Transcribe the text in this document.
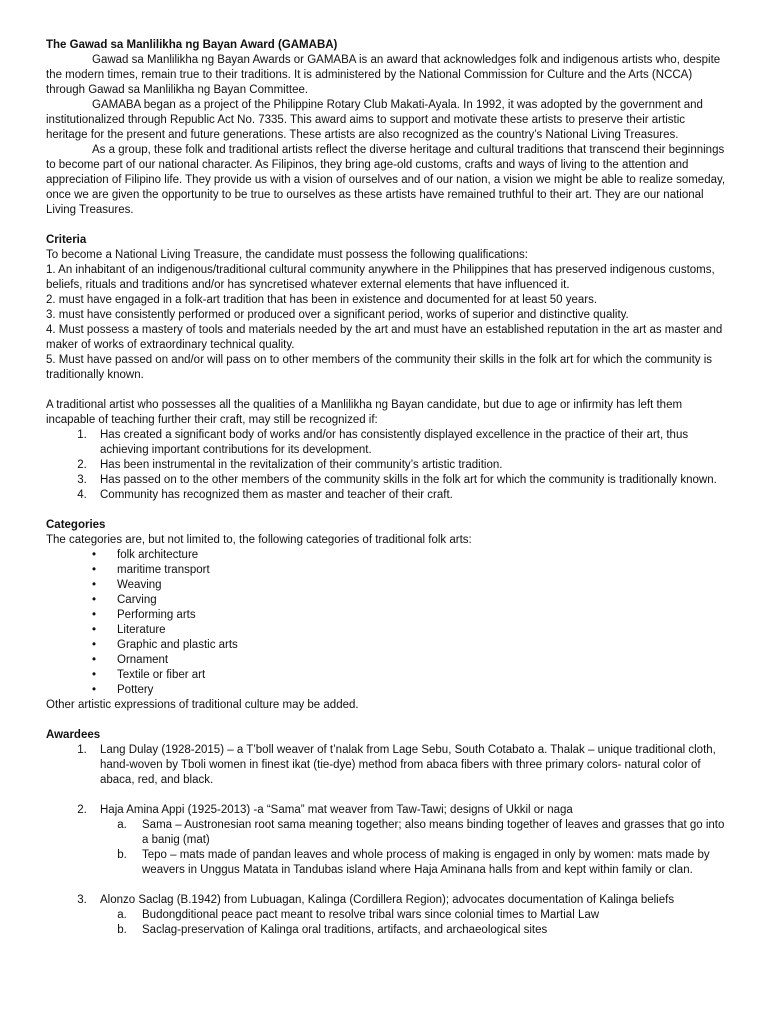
The Gawad sa Manlilikha ng Bayan Award (GAMABA)

Gawad sa Manlilikha ng Bayan Awards or GAMABA is an award that acknowledges folk and indigenous artists who, despite the modern times, remain true to their traditions. It is administered by the National Commission for Culture and the Arts (NCCA) through Gawad sa Manlilikha ng Bayan Committee.

GAMABA began as a project of the Philippine Rotary Club Makati-Ayala. In 1992, it was adopted by the government and institutionalized through Republic Act No. 7335. This award aims to support and motivate these artists to preserve their artistic heritage for the present and future generations. These artists are also recognized as the country’s National Living Treasures.

As a group, these folk and traditional artists reflect the diverse heritage and cultural traditions that transcend their beginnings to become part of our national character. As Filipinos, they bring age-old customs, crafts and ways of living to the attention and appreciation of Filipino life. They provide us with a vision of ourselves and of our nation, a vision we might be able to realize someday, once we are given the opportunity to be true to ourselves as these artists have remained truthful to their art. They are our national Living Treasures.

Criteria

To become a National Living Treasure, the candidate must possess the following qualifications:

1. An inhabitant of an indigenous/traditional cultural community anywhere in the Philippines that has preserved indigenous customs, beliefs, rituals and traditions and/or has syncretised whatever external elements that have influenced it.

2. must have engaged in a folk-art tradition that has been in existence and documented for at least 50 years.

3. must have consistently performed or produced over a significant period, works of superior and distinctive quality.

4. Must possess a mastery of tools and materials needed by the art and must have an established reputation in the art as master and maker of works of extraordinary technical quality.

5. Must have passed on and/or will pass on to other members of the community their skills in the folk art for which the community is traditionally known.

A traditional artist who possesses all the qualities of a Manlilikha ng Bayan candidate, but due to age or infirmity has left them incapable of teaching further their craft, may still be recognized if:

1. Has created a significant body of works and/or has consistently displayed excellence in the practice of their art, thus achieving important contributions for its development.
2. Has been instrumental in the revitalization of their community’s artistic tradition.
3. Has passed on to the other members of the community skills in the folk art for which the community is traditionally known.
4. Community has recognized them as master and teacher of their craft.

Categories

The categories are, but not limited to, the following categories of traditional folk arts:

• folk architecture
• maritime transport
• Weaving
• Carving
• Performing arts
• Literature
• Graphic and plastic arts
• Ornament
• Textile or fiber art
• Pottery

Other artistic expressions of traditional culture may be added.

Awardees

1. Lang Dulay (1928-2015) – a T’boll weaver of t’nalak from Lage Sebu, South Cotabato a. Thalak – unique traditional cloth, hand-woven by Tboli women in finest ikat (tie-dye) method from abaca fibers with three primary colors- natural color of abaca, red, and black.
2. Haja Amina Appi (1925-2013) -a “Sama” mat weaver from Taw-Tawi; designs of Ukkil or naga
a. Sama – Austronesian root sama meaning together; also means binding together of leaves and grasses that go into a banig (mat)
b. Tepo – mats made of pandan leaves and whole process of making is engaged in only by women: mats made by weavers in Unggus Matata in Tandubas island where Haja Aminana halls from and kept within family or clan.
3. Alonzo Saclag (B.1942) from Lubuagan, Kalinga (Cordillera Region); advocates documentation of Kalinga beliefs
a. Budongditional peace pact meant to resolve tribal wars since colonial times to Martial Law
b. Saclag-preservation of Kalinga oral traditions, artifacts, and archaeological sites
